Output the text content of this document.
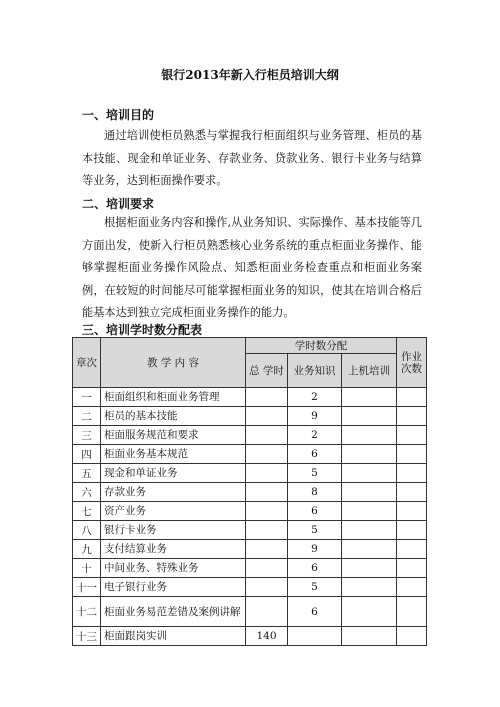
银行2013年新入行柜员培训大纲
一、培训目的

通过培训使柜员熟悉与掌握我行柜面组织与业务管理、柜员的基本技能、现金和单证业务、存款业务、贷款业务、银行卡业务与结算等业务，达到柜面操作要求。

二、培训要求

根据柜面业务内容和操作,从业务知识、实际操作、基本技能等几方面出发，使新入行柜员熟悉核心业务系统的重点柜面业务操作、能够掌握柜面业务操作风险点、知悉柜面业务检查重点和柜面业务案例，在较短的时间能尽可能掌握柜面业务的知识，使其在培训合格后能基本达到独立完成柜面业务操作的能力。

三、培训学时数分配表
章次	教 学 内 容	学时数分配			作业次数
		总 学时	业务知识	上机培训	
一	柜面组织和柜面业务管理		2		
二	柜员的基本技能		9		
三	柜面服务规范和要求		2		
四	柜面业务基本规范		6		
五	现金和单证业务		5		
六	存款业务		8		
七	资产业务		6		
八	银行卡业务		5		
九	支付结算业务		9		
十	中间业务、特殊业务		6		
十一	电子银行业务		5		
十二	柜面业务易范差错及案例讲解		6		
十三	柜面跟岗实训	140			
